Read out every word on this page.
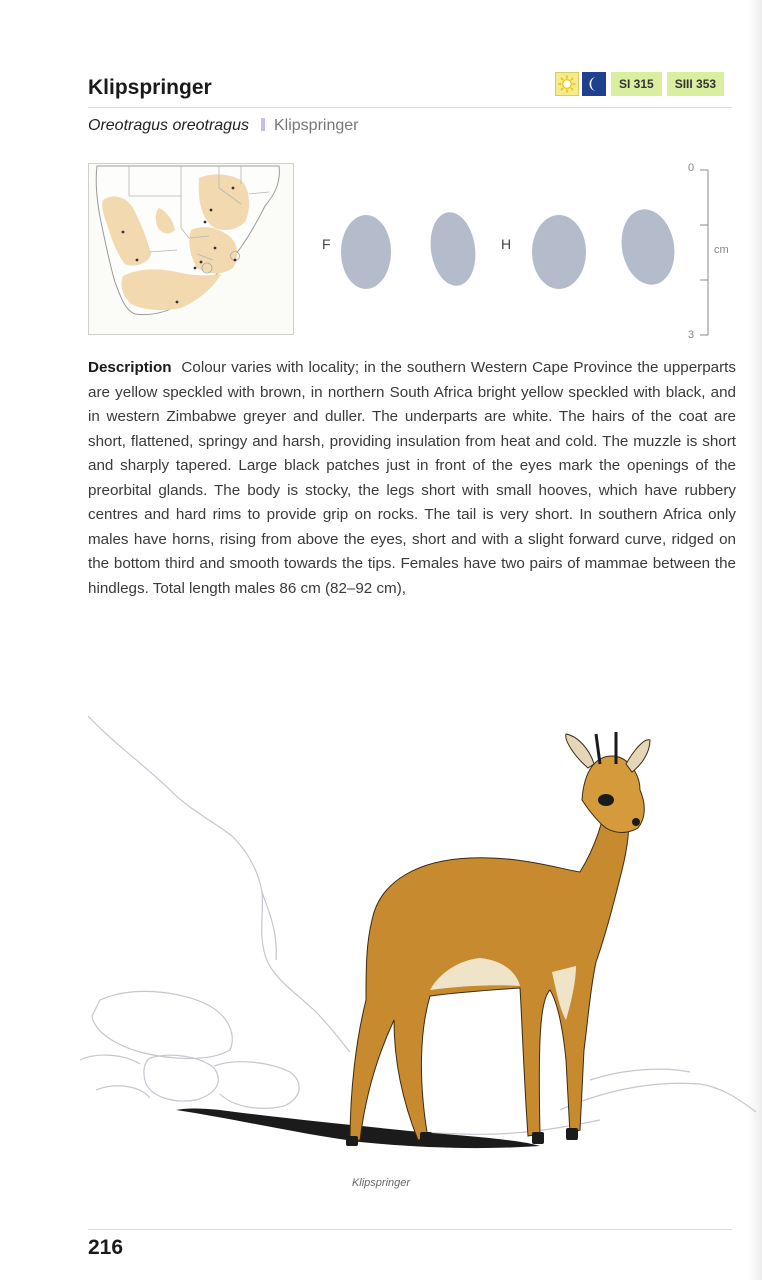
Klipspringer	SI 315	SIII 353
Oreotragus oreotragus Klipspringer
F	H
0
cm
3
Description Colour varies with locality; in the southern Western Cape Province the upperparts are yellow speckled with brown, in northern South Africa bright yellow speckled with black, and in western Zimbabwe greyer and duller. The underparts are white. The hairs of the coat are short, flattened, springy and harsh, providing insulation from heat and cold. The muzzle is short and sharply tapered. Large black patches just in front of the eyes mark the openings of the preorbital glands. The body is stocky, the legs short with small hooves, which have rubbery centres and hard rims to provide grip on rocks. The tail is very short. In southern Africa only males have horns, rising from above the eyes, short and with a slight forward curve, ridged on the bottom third and smooth towards the tips. Females have two pairs of mammae between the hindlegs. Total length males 86 cm (82–92 cm),
Klipspringer
216
